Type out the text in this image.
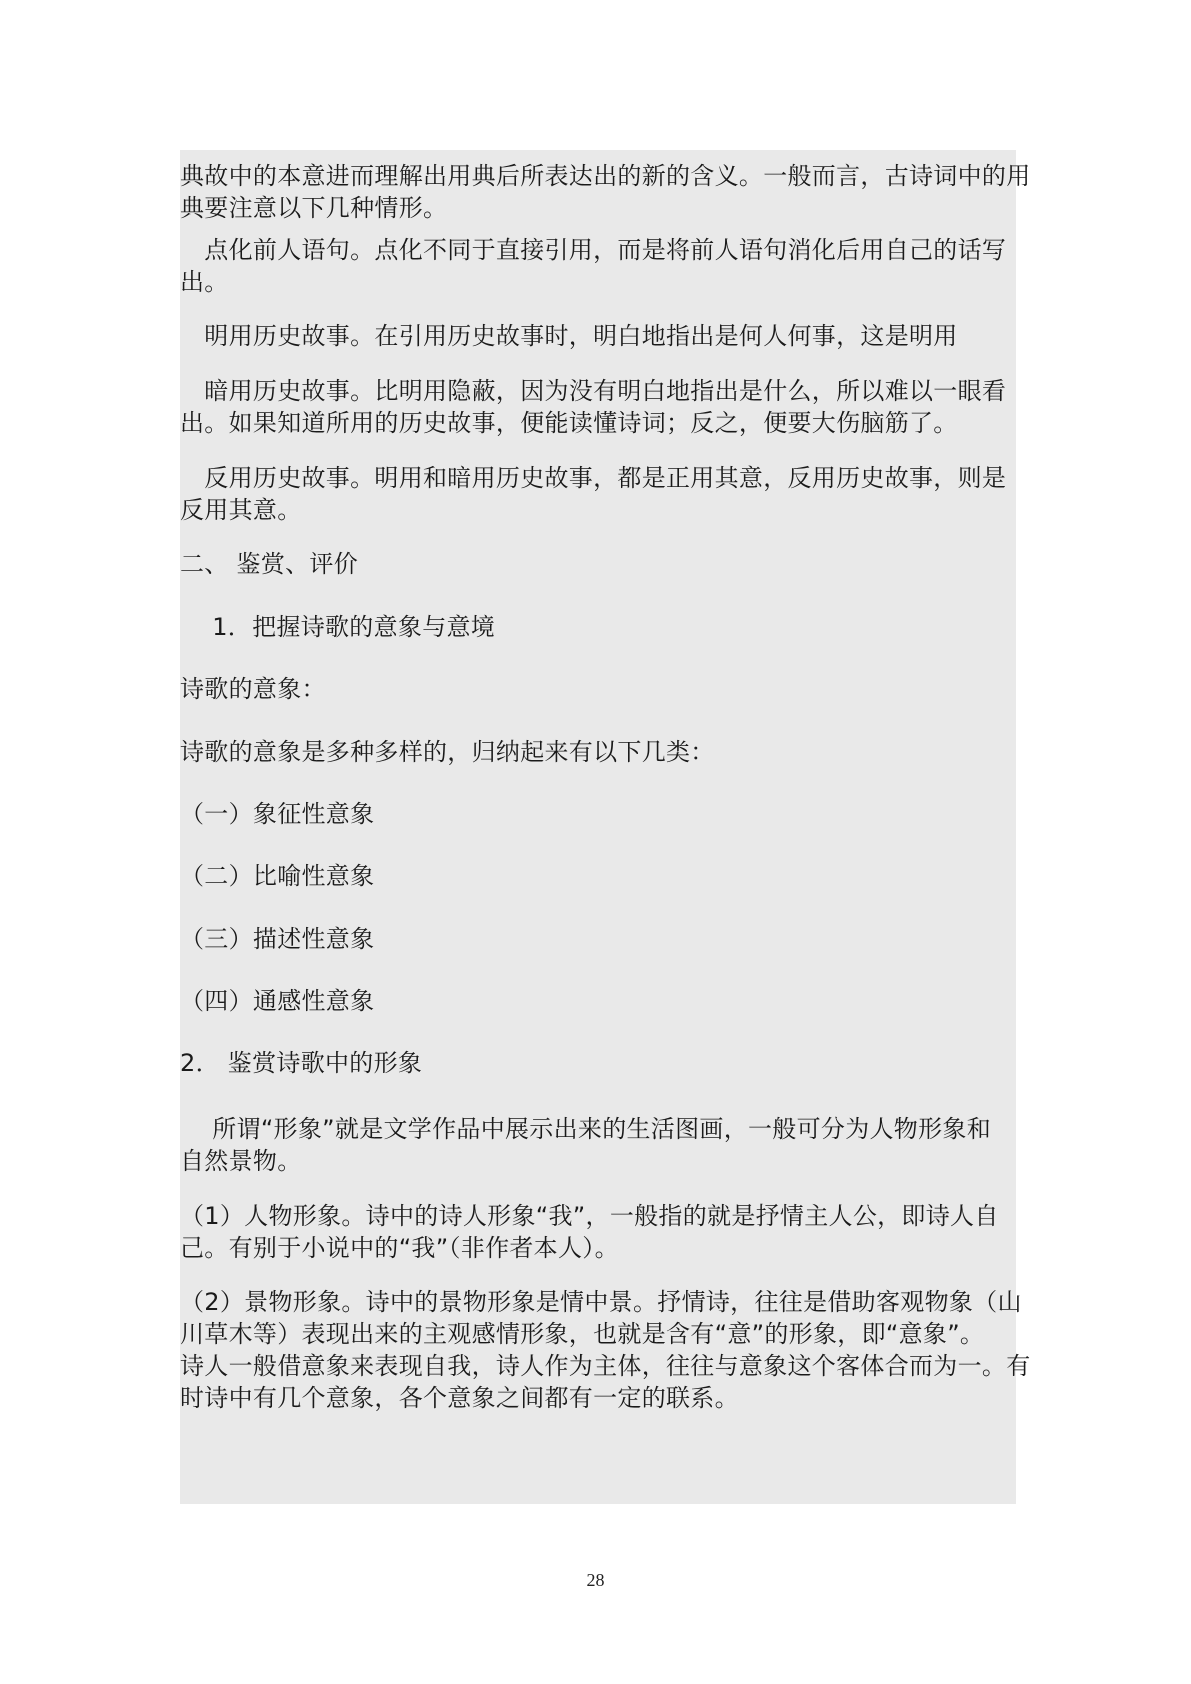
典故中的本意进而理解出用典后所表达出的新的含义。一般而言，古诗词中的用
典要注意以下几种情形。
　点化前人语句。点化不同于直接引用，而是将前人语句消化后用自己的话写
出。
　明用历史故事。在引用历史故事时，明白地指出是何人何事，这是明用
　暗用历史故事。比明用隐蔽，因为没有明白地指出是什么，所以难以一眼看
出。如果知道所用的历史故事，便能读懂诗词；反之，便要大伤脑筋了。
　反用历史故事。明用和暗用历史故事，都是正用其意，反用历史故事，则是
反用其意。
二、 鉴赏、评价
　 1．把握诗歌的意象与意境
诗歌的意象：
诗歌的意象是多种多样的，归纳起来有以下几类：
（一）象征性意象
（二）比喻性意象
（三）描述性意象
（四）通感性意象
2． 鉴赏诗歌中的形象
　 所谓“形象”就是文学作品中展示出来的生活图画，一般可分为人物形象和
自然景物。
（1）人物形象。诗中的诗人形象“我”，一般指的就是抒情主人公，即诗人自
己。有别于小说中的“我”（非作者本人）。
（2）景物形象。诗中的景物形象是情中景。抒情诗，往往是借助客观物象（山
川草木等）表现出来的主观感情形象，也就是含有“意”的形象，即“意象”。
诗人一般借意象来表现自我，诗人作为主体，往往与意象这个客体合而为一。有
时诗中有几个意象，各个意象之间都有一定的联系。
28
